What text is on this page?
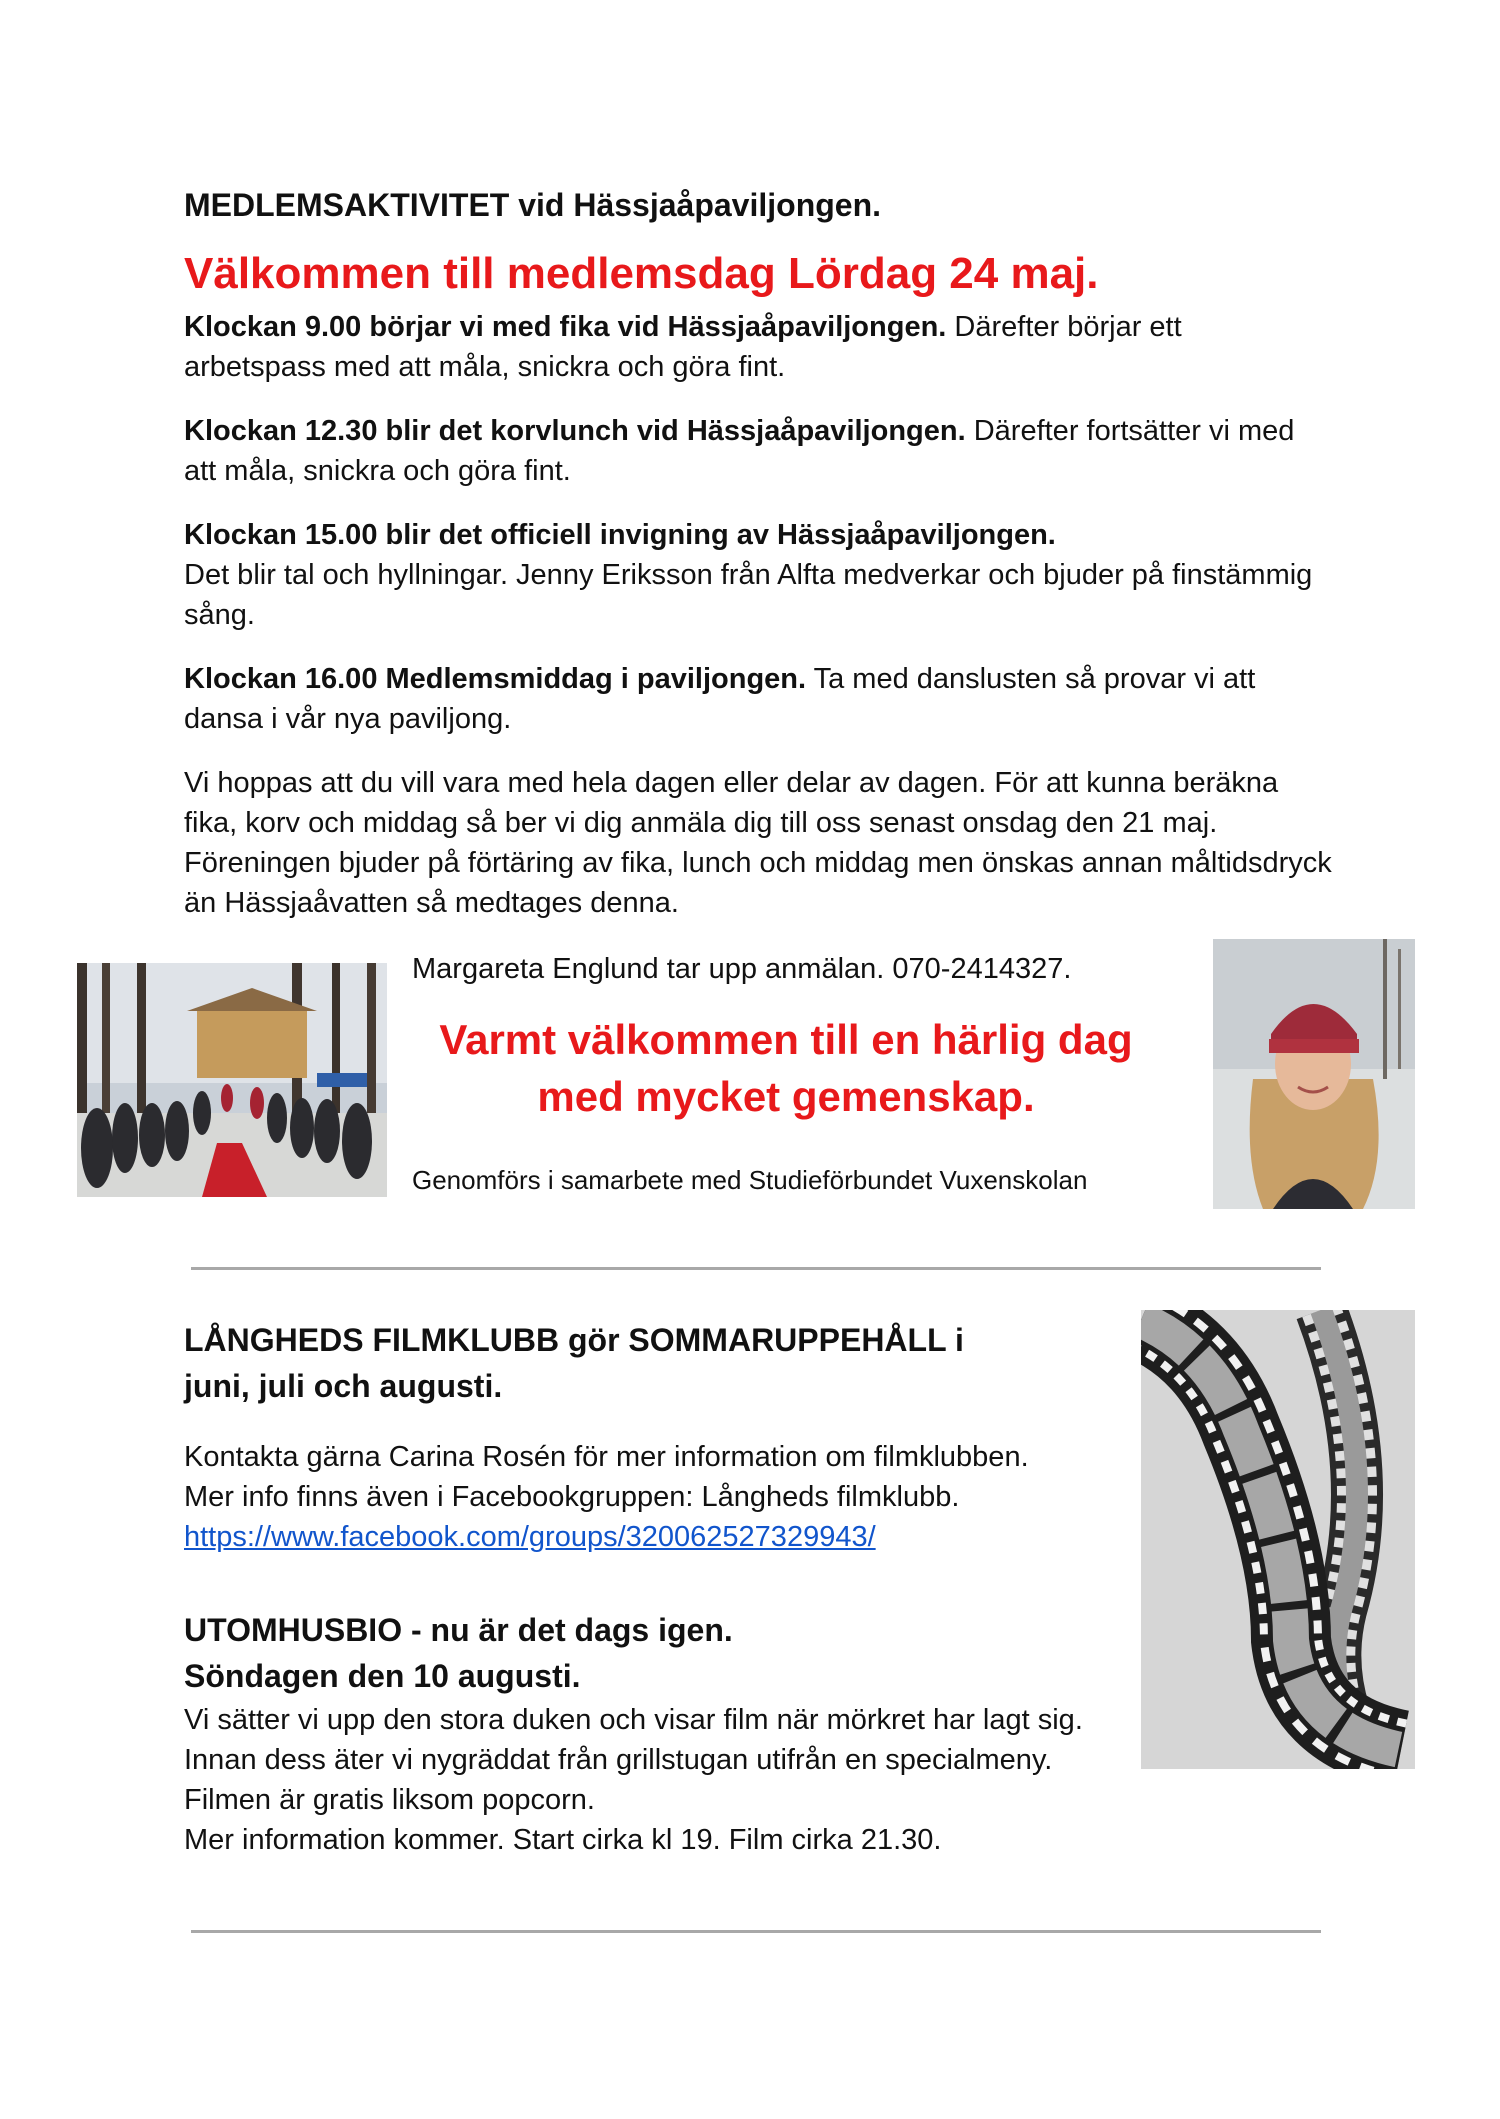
MEDLEMSAKTIVITET vid Hässjaåpaviljongen.
Välkommen till medlemsdag Lördag 24 maj.
Klockan 9.00 börjar vi med fika vid Hässjaåpaviljongen. Därefter börjar ett arbetspass med att måla, snickra och göra fint.
Klockan 12.30 blir det korvlunch vid Hässjaåpaviljongen. Därefter fortsätter vi med att måla, snickra och göra fint.
Klockan 15.00 blir det officiell invigning av Hässjaåpaviljongen.
Det blir tal och hyllningar. Jenny Eriksson från Alfta medverkar och bjuder på finstämmig sång.
Klockan 16.00 Medlemsmiddag i paviljongen. Ta med danslusten så provar vi att dansa i vår nya paviljong.
Vi hoppas att du vill vara med hela dagen eller delar av dagen. För att kunna beräkna fika, korv och middag så ber vi dig anmäla dig till oss senast onsdag den 21 maj. Föreningen bjuder på förtäring av fika, lunch och middag men önskas annan måltidsdryck än Hässjaåvatten så medtages denna.
Margareta Englund tar upp anmälan. 070-2414327.
Varmt välkommen till en härlig dag
med mycket gemenskap.
Genomförs i samarbete med Studieförbundet Vuxenskolan
LÅNGHEDS FILMKLUBB gör SOMMARUPPEHÅLL i
juni, juli och augusti.
Kontakta gärna Carina Rosén för mer information om filmklubben.
Mer info finns även i Facebookgruppen: Långheds filmklubb.
https://www.facebook.com/groups/320062527329943/
UTOMHUSBIO - nu är det dags igen.
Söndagen den 10 augusti.
Vi sätter vi upp den stora duken och visar film när mörkret har lagt sig. Innan dess äter vi nygräddat från grillstugan utifrån en specialmeny. Filmen är gratis liksom popcorn.
Mer information kommer. Start cirka kl 19. Film cirka 21.30.
